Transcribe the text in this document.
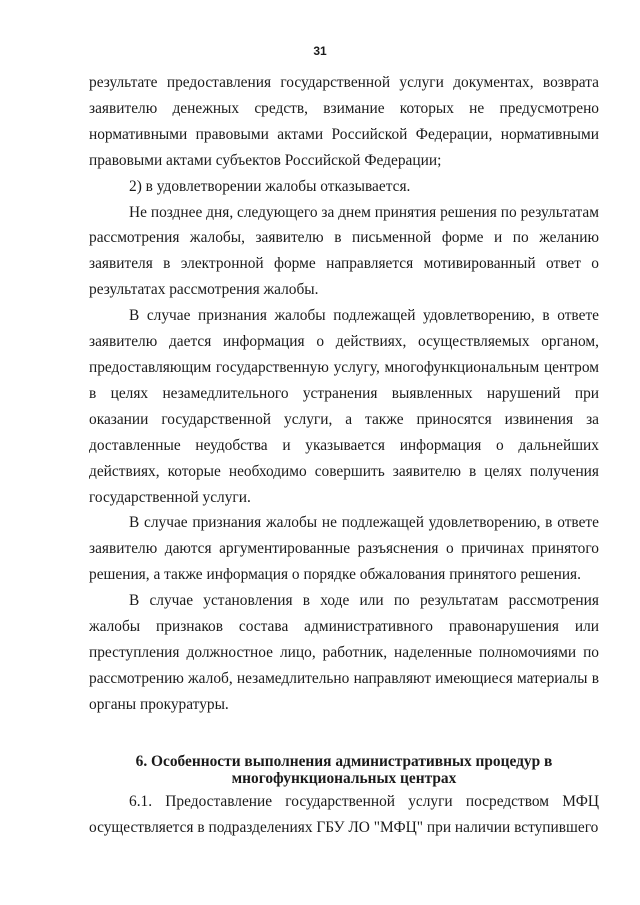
31

результате предоставления государственной услуги документах, возврата заявителю денежных средств, взимание которых не предусмотрено нормативными правовыми актами Российской Федерации, нормативными правовыми актами субъектов Российской Федерации;

2) в удовлетворении жалобы отказывается.

Не позднее дня, следующего за днем принятия решения по результатам рассмотрения жалобы, заявителю в письменной форме и по желанию заявителя в электронной форме направляется мотивированный ответ о результатах рассмотрения жалобы.

В случае признания жалобы подлежащей удовлетворению, в ответе заявителю дается информация о действиях, осуществляемых органом, предоставляющим государственную услугу, многофункциональным центром в целях незамедлительного устранения выявленных нарушений при оказании государственной услуги, а также приносятся извинения за доставленные неудобства и указывается информация о дальнейших действиях, которые необходимо совершить заявителю в целях получения государственной услуги.

В случае признания жалобы не подлежащей удовлетворению, в ответе заявителю даются аргументированные разъяснения о причинах принятого решения, а также информация о порядке обжалования принятого решения.

В случае установления в ходе или по результатам рассмотрения жалобы признаков состава административного правонарушения или преступления должностное лицо, работник, наделенные полномочиями по рассмотрению жалоб, незамедлительно направляют имеющиеся материалы в органы прокуратуры.

6. Особенности выполнения административных процедур в
многофункциональных центрах

6.1. Предоставление государственной услуги посредством МФЦ осуществляется в подразделениях ГБУ ЛО "МФЦ" при наличии вступившего
